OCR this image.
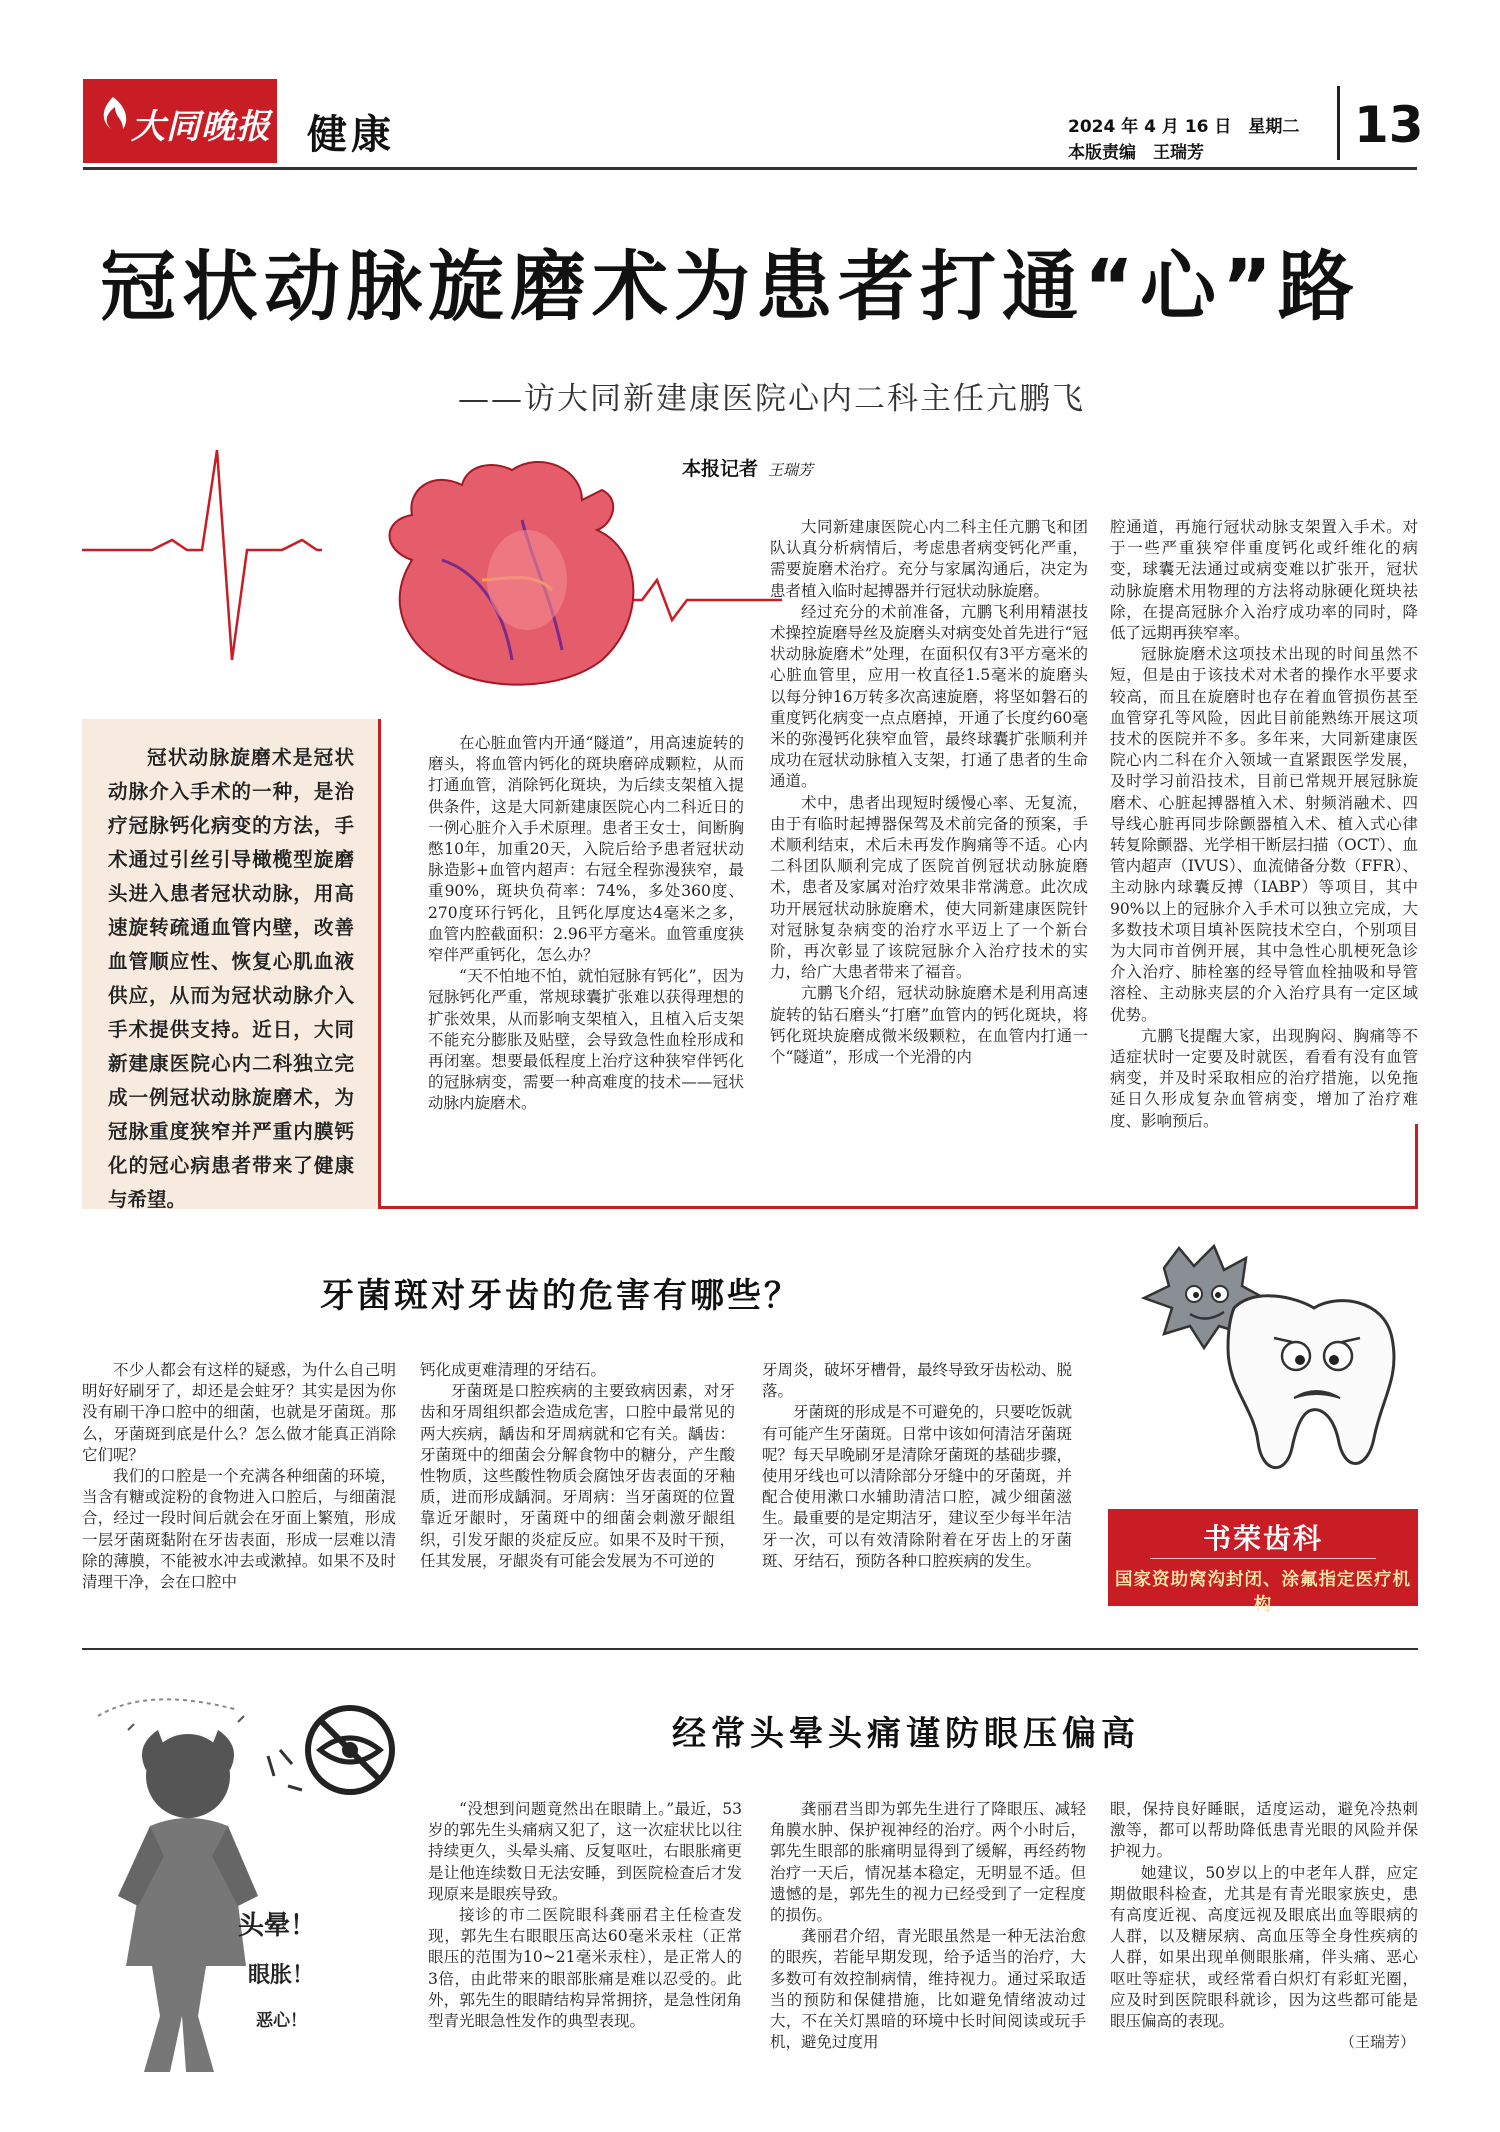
大同晚报 健康	2024 年 4 月 16 日　星期二
本版责编　王瑞芳	13
冠状动脉旋磨术为患者打通“心”路
——访大同新建康医院心内二科主任亢鹏飞
本报记者 王瑞芳
冠状动脉旋磨术是冠状动脉介入手术的一种，是治疗冠脉钙化病变的方法，手术通过引丝引导橄榄型旋磨头进入患者冠状动脉，用高速旋转疏通血管内壁，改善血管顺应性、恢复心肌血液供应，从而为冠状动脉介入手术提供支持。近日，大同新建康医院心内二科独立完成一例冠状动脉旋磨术，为冠脉重度狭窄并严重内膜钙化的冠心病患者带来了健康与希望。

在心脏血管内开通“隧道”，用高速旋转的磨头，将血管内钙化的斑块磨碎成颗粒，从而打通血管，消除钙化斑块，为后续支架植入提供条件，这是大同新建康医院心内二科近日的一例心脏介入手术原理。患者王女士，间断胸憋10年，加重20天，入院后给予患者冠状动脉造影+血管内超声：右冠全程弥漫狭窄，最重90%，斑块负荷率：74%，多处360度、270度环行钙化，且钙化厚度达4毫米之多，血管内腔截面积：2.96平方毫米。血管重度狭窄伴严重钙化，怎么办？

“天不怕地不怕，就怕冠脉有钙化”，因为冠脉钙化严重，常规球囊扩张难以获得理想的扩张效果，从而影响支架植入，且植入后支架不能充分膨胀及贴壁，会导致急性血栓形成和再闭塞。想要最低程度上治疗这种狭窄伴钙化的冠脉病变，需要一种高难度的技术——冠状动脉内旋磨术。

大同新建康医院心内二科主任亢鹏飞和团队认真分析病情后，考虑患者病变钙化严重，需要旋磨术治疗。充分与家属沟通后，决定为患者植入临时起搏器并行冠状动脉旋磨。

经过充分的术前准备，亢鹏飞利用精湛技术操控旋磨导丝及旋磨头对病变处首先进行“冠状动脉旋磨术”处理，在面积仅有3平方毫米的心脏血管里，应用一枚直径1.5毫米的旋磨头以每分钟16万转多次高速旋磨，将坚如磐石的重度钙化病变一点点磨掉，开通了长度约60毫米的弥漫钙化狭窄血管，最终球囊扩张顺利并成功在冠状动脉植入支架，打通了患者的生命通道。

术中，患者出现短时缓慢心率、无复流，由于有临时起搏器保驾及术前完备的预案，手术顺利结束，术后未再发作胸痛等不适。心内二科团队顺利完成了医院首例冠状动脉旋磨术，患者及家属对治疗效果非常满意。此次成功开展冠状动脉旋磨术，使大同新建康医院针对冠脉复杂病变的治疗水平迈上了一个新台阶，再次彰显了该院冠脉介入治疗技术的实力，给广大患者带来了福音。

亢鹏飞介绍，冠状动脉旋磨术是利用高速旋转的钻石磨头“打磨”血管内的钙化斑块，将钙化斑块旋磨成微米级颗粒，在血管内打通一个“隧道”，形成一个光滑的内

腔通道，再施行冠状动脉支架置入手术。对于一些严重狭窄伴重度钙化或纤维化的病变，球囊无法通过或病变难以扩张开，冠状动脉旋磨术用物理的方法将动脉硬化斑块祛除，在提高冠脉介入治疗成功率的同时，降低了远期再狭窄率。

冠脉旋磨术这项技术出现的时间虽然不短，但是由于该技术对术者的操作水平要求较高，而且在旋磨时也存在着血管损伤甚至血管穿孔等风险，因此目前能熟练开展这项技术的医院并不多。多年来，大同新建康医院心内二科在介入领域一直紧跟医学发展，及时学习前沿技术，目前已常规开展冠脉旋磨术、心脏起搏器植入术、射频消融术、四导线心脏再同步除颤器植入术、植入式心律转复除颤器、光学相干断层扫描（OCT）、血管内超声（IVUS）、血流储备分数（FFR）、主动脉内球囊反搏（IABP）等项目，其中90%以上的冠脉介入手术可以独立完成，大多数技术项目填补医院技术空白，个别项目为大同市首例开展，其中急性心肌梗死急诊介入治疗、肺栓塞的经导管血栓抽吸和导管溶栓、主动脉夹层的介入治疗具有一定区域优势。

亢鹏飞提醒大家，出现胸闷、胸痛等不适症状时一定要及时就医，看看有没有血管病变，并及时采取相应的治疗措施，以免拖延日久形成复杂血管病变，增加了治疗难度、影响预后。

牙菌斑对牙齿的危害有哪些？

不少人都会有这样的疑惑，为什么自己明明好好刷牙了，却还是会蛀牙？其实是因为你没有刷干净口腔中的细菌，也就是牙菌斑。那么，牙菌斑到底是什么？怎么做才能真正消除它们呢？

我们的口腔是一个充满各种细菌的环境，当含有糖或淀粉的食物进入口腔后，与细菌混合，经过一段时间后就会在牙面上繁殖，形成一层牙菌斑黏附在牙齿表面，形成一层难以清除的薄膜，不能被水冲去或漱掉。如果不及时清理干净，会在口腔中

钙化成更难清理的牙结石。

牙菌斑是口腔疾病的主要致病因素，对牙齿和牙周组织都会造成危害，口腔中最常见的两大疾病，龋齿和牙周病就和它有关。龋齿：牙菌斑中的细菌会分解食物中的糖分，产生酸性物质，这些酸性物质会腐蚀牙齿表面的牙釉质，进而形成龋洞。牙周病：当牙菌斑的位置靠近牙龈时，牙菌斑中的细菌会刺激牙龈组织，引发牙龈的炎症反应。如果不及时干预，任其发展，牙龈炎有可能会发展为不可逆的

牙周炎，破坏牙槽骨，最终导致牙齿松动、脱落。

牙菌斑的形成是不可避免的，只要吃饭就有可能产生牙菌斑。日常中该如何清洁牙菌斑呢？每天早晚刷牙是清除牙菌斑的基础步骤，使用牙线也可以清除部分牙缝中的牙菌斑，并配合使用漱口水辅助清洁口腔，减少细菌滋生。最重要的是定期洁牙，建议至少每半年洁牙一次，可以有效清除附着在牙齿上的牙菌斑、牙结石，预防各种口腔疾病的发生。

书荣齿科
国家资助窝沟封闭、涂氟指定医疗机构
经常头晕头痛谨防眼压偏高
头晕！
眼胀！
恶心！

“没想到问题竟然出在眼睛上。”最近，53岁的郭先生头痛病又犯了，这一次症状比以往持续更久，头晕头痛、反复呕吐，右眼胀痛更是让他连续数日无法安睡，到医院检查后才发现原来是眼疾导致。

接诊的市二医院眼科龚丽君主任检查发现，郭先生右眼眼压高达60毫米汞柱（正常眼压的范围为10~21毫米汞柱），是正常人的3倍，由此带来的眼部胀痛是难以忍受的。此外，郭先生的眼睛结构异常拥挤，是急性闭角型青光眼急性发作的典型表现。

龚丽君当即为郭先生进行了降眼压、减轻角膜水肿、保护视神经的治疗。两个小时后，郭先生眼部的胀痛明显得到了缓解，再经药物治疗一天后，情况基本稳定，无明显不适。但遗憾的是，郭先生的视力已经受到了一定程度的损伤。

龚丽君介绍，青光眼虽然是一种无法治愈的眼疾，若能早期发现，给予适当的治疗，大多数可有效控制病情，维持视力。通过采取适当的预防和保健措施，比如避免情绪波动过大，不在关灯黑暗的环境中长时间阅读或玩手机，避免过度用

眼，保持良好睡眠，适度运动，避免冷热刺激等，都可以帮助降低患青光眼的风险并保护视力。

她建议，50岁以上的中老年人群，应定期做眼科检查，尤其是有青光眼家族史，患有高度近视、高度远视及眼底出血等眼病的人群，以及糖尿病、高血压等全身性疾病的人群，如果出现单侧眼胀痛，伴头痛、恶心呕吐等症状，或经常看白炽灯有彩虹光圈，应及时到医院眼科就诊，因为这些都可能是眼压偏高的表现。

（王瑞芳）
